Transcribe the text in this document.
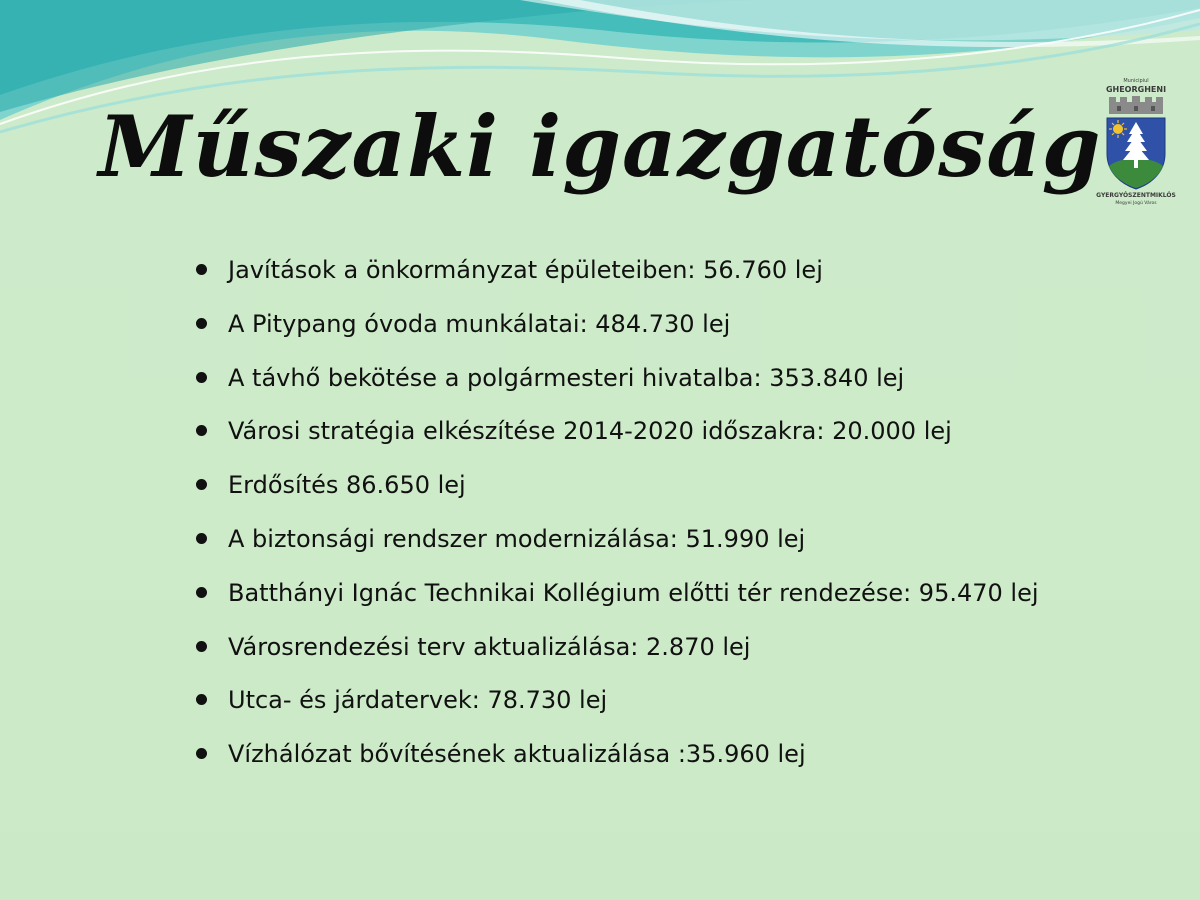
Műszaki igazgatóság
Municipiul
GHEORGHENI
GYERGYÓSZENTMIKLÓS
Megyei Jogú Város
Javítások a önkormányzat épületeiben: 56.760 lej
A Pitypang óvoda munkálatai: 484.730 lej
A távhő bekötése a polgármesteri hivatalba: 353.840 lej
Városi stratégia elkészítése 2014-2020 időszakra: 20.000 lej
Erdősítés 86.650 lej
A biztonsági rendszer modernizálása: 51.990 lej
Batthányi Ignác Technikai Kollégium előtti tér rendezése: 95.470 lej
Városrendezési terv aktualizálása: 2.870 lej
Utca- és járdatervek: 78.730 lej
Vízhálózat bővítésének aktualizálása :35.960 lej
